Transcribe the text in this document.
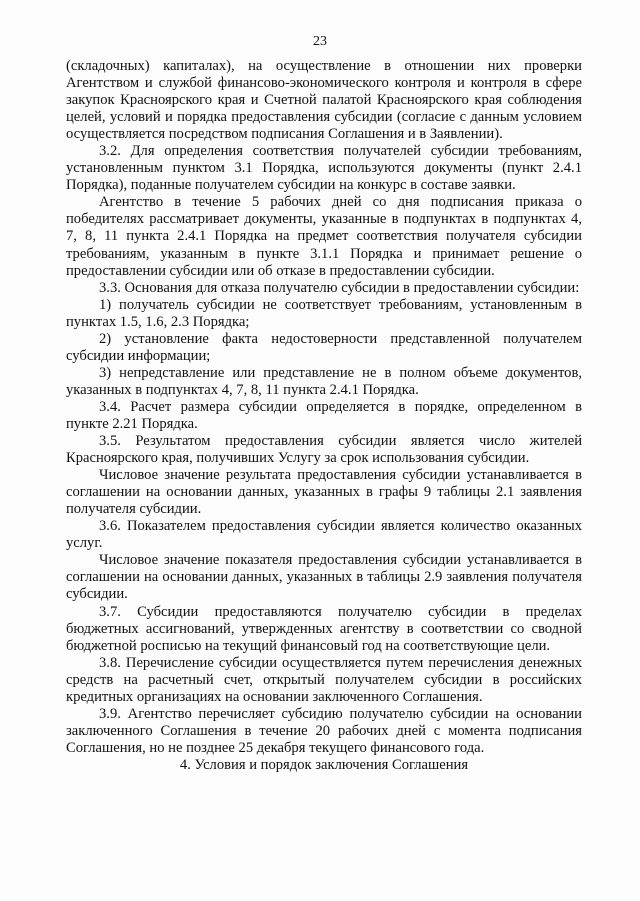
23

(складочных) капиталах), на осуществление в отношении них проверки Агентством и службой финансово-экономического контроля и контроля в сфере закупок Красноярского края и Счетной палатой Красноярского края соблюдения целей, условий и порядка предоставления субсидии (согласие с данным условием осуществляется посредством подписания Соглашения и в Заявлении).

3.2. Для определения соответствия получателей субсидии требованиям, установленным пунктом 3.1 Порядка, используются документы (пункт 2.4.1 Порядка), поданные получателем субсидии на конкурс в составе заявки.

Агентство в течение 5 рабочих дней со дня подписания приказа о победителях рассматривает документы, указанные в подпунктах в подпунктах 4, 7, 8, 11 пункта 2.4.1 Порядка на предмет соответствия получателя субсидии требованиям, указанным в пункте 3.1.1 Порядка и принимает решение о предоставлении субсидии или об отказе в предоставлении субсидии.

3.3. Основания для отказа получателю субсидии в предоставлении субсидии:

1) получатель субсидии не соответствует требованиям, установленным в пунктах 1.5, 1.6, 2.3 Порядка;

2) установление факта недостоверности представленной получателем субсидии информации;

3) непредставление или представление не в полном объеме документов, указанных в подпунктах 4, 7, 8, 11 пункта 2.4.1 Порядка.

3.4. Расчет размера субсидии определяется в порядке, определенном в пункте 2.21 Порядка.

3.5. Результатом предоставления субсидии является число жителей Красноярского края, получивших Услугу за срок использования субсидии.

Числовое значение результата предоставления субсидии устанавливается в соглашении на основании данных, указанных в графы 9 таблицы 2.1 заявления получателя субсидии.

3.6. Показателем предоставления субсидии является количество оказанных услуг.

Числовое значение показателя предоставления субсидии устанавливается в соглашении на основании данных, указанных в таблицы 2.9 заявления получателя субсидии.

3.7. Субсидии предоставляются получателю субсидии в пределах бюджетных ассигнований, утвержденных агентству в соответствии со сводной бюджетной росписью на текущий финансовый год на соответствующие цели.

3.8. Перечисление субсидии осуществляется путем перечисления денежных средств на расчетный счет, открытый получателем субсидии в российских кредитных организациях на основании заключенного Соглашения.

3.9. Агентство перечисляет субсидию получателю субсидии на основании заключенного Соглашения в течение 20 рабочих дней с момента подписания Соглашения, но не позднее 25 декабря текущего финансового года.

4. Условия и порядок заключения Соглашения
